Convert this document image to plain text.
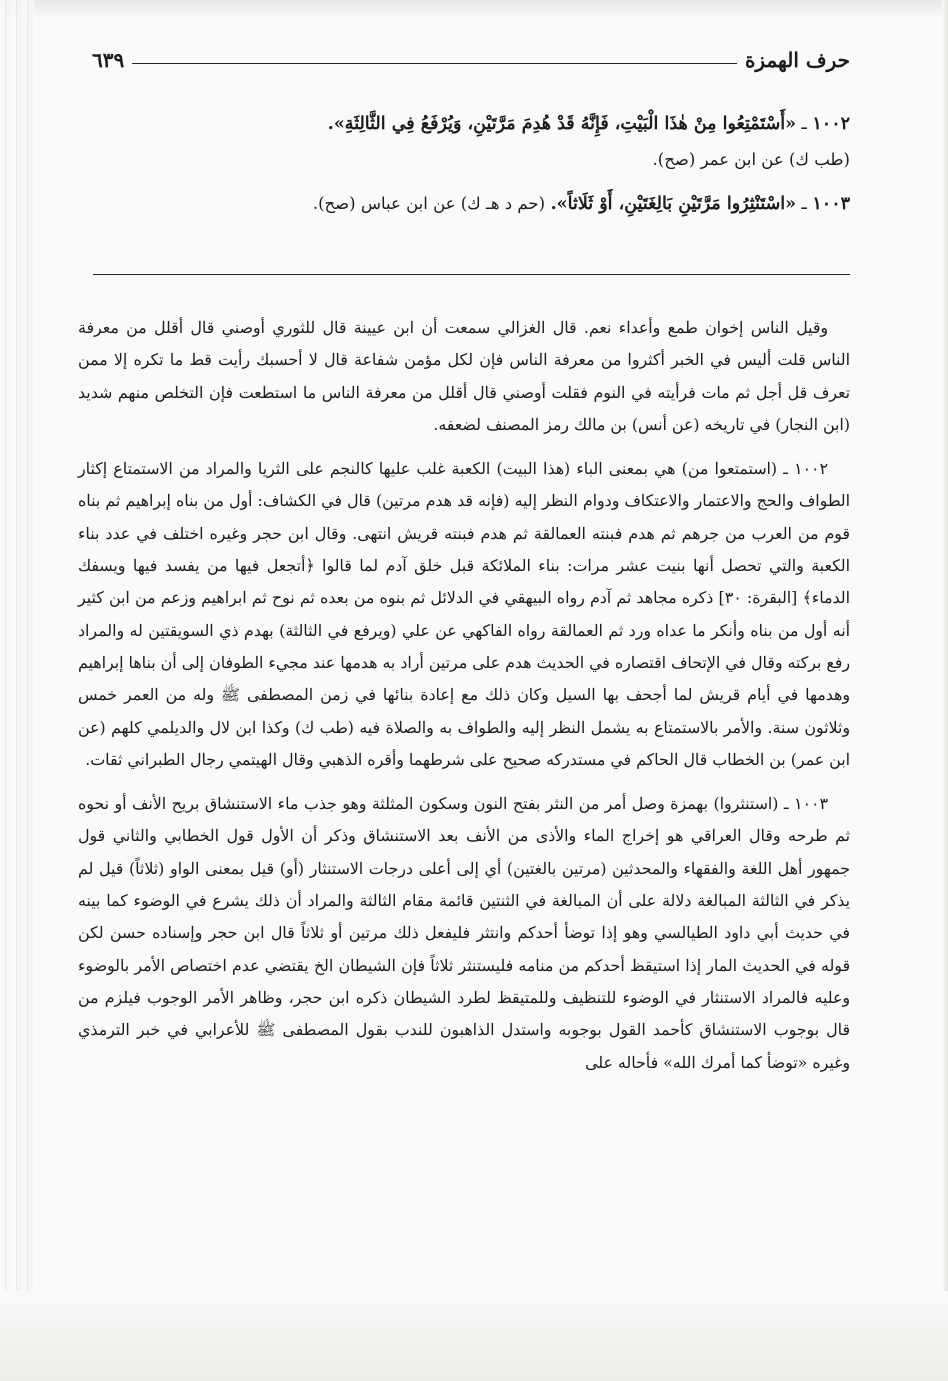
حرف الهمزة
٦٣٩

١٠٠٢ ـ «أَسْتَمْتِعُوا مِنْ هٰذَا الْبَيْتِ، فَإِنَّهُ قَدْ هُدِمَ مَرَّتَيْنِ، وَيُرْفَعُ فِي الثَّالِثَةِ».
(طب ك) عن ابن عمر (صح).

١٠٠٣ ـ «اسْتَنْثِرُوا مَرَّتَيْنِ بَالِغَتَيْنِ، أَوْ ثَلَاثاً». (حم د هـ ك) عن ابن عباس (صح).

وقيل الناس إخوان طمع وأعداء نعم. قال الغزالي سمعت أن ابن عيينة قال للثوري أوصني قال أقلل من معرفة الناس قلت أليس في الخبر أكثروا من معرفة الناس فإن لكل مؤمن شفاعة قال لا أحسبك رأيت قط ما تكره إلا ممن تعرف قل أجل ثم مات فرأيته في النوم فقلت أوصني قال أقلل من معرفة الناس ما استطعت فإن التخلص منهم شديد (ابن النجار) في تاريخه (عن أنس) بن مالك رمز المصنف لضعفه.

١٠٠٢ ـ (استمتعوا من) هي بمعنى الباء (هذا البيت) الكعبة غلب عليها كالنجم على الثريا والمراد من الاستمتاع إكثار الطواف والحج والاعتمار والاعتكاف ودوام النظر إليه (فإنه قد هدم مرتين) قال في الكشاف: أول من بناه إبراهيم ثم بناه قوم من العرب من جرهم ثم هدم فبنته العمالقة ثم هدم فبنته قريش انتهى. وقال ابن حجر وغيره اختلف في عدد بناء الكعبة والتي تحصل أنها بنيت عشر مرات: بناء الملائكة قبل خلق آدم لما قالوا ﴿أتجعل فيها من يفسد فيها ويسفك الدماء﴾ [البقرة: ٣٠] ذكره مجاهد ثم آدم رواه البيهقي في الدلائل ثم بنوه من بعده ثم نوح ثم ابراهيم وزعم من ابن كثير أنه أول من بناه وأنكر ما عداه ورد ثم العمالقة رواه الفاكهي عن علي (ويرفع في الثالثة) بهدم ذي السويقتين له والمراد رفع بركته وقال في الإتحاف اقتصاره في الحديث هدم على مرتين أراد به هدمها عند مجيء الطوفان إلى أن بناها إبراهيم وهدمها في أيام قريش لما أجحف بها السيل وكان ذلك مع إعادة بنائها في زمن المصطفى ﷺ وله من العمر خمس وثلاثون سنة. والأمر بالاستمتاع به يشمل النظر إليه والطواف به والصلاة فيه (طب ك) وكذا ابن لال والديلمي كلهم (عن ابن عمر) بن الخطاب قال الحاكم في مستدركه صحيح على شرطهما وأقره الذهبي وقال الهيتمي رجال الطبراني ثقات.

١٠٠٣ ـ (استنثروا) بهمزة وصل أمر من النثر بفتح النون وسكون المثلثة وهو جذب ماء الاستنشاق بريح الأنف أو نحوه ثم طرحه وقال العراقي هو إخراج الماء والأذى من الأنف بعد الاستنشاق وذكر أن الأول قول الخطابي والثاني قول جمهور أهل اللغة والفقهاء والمحدثين (مرتين بالغتين) أي إلى أعلى درجات الاستنثار (أو) قيل بمعنى الواو (ثلاثاً) قيل لم يذكر في الثالثة المبالغة دلالة على أن المبالغة في الثنتين قائمة مقام الثالثة والمراد أن ذلك يشرع في الوضوء كما بينه في حديث أبي داود الطيالسي وهو إذا توضأ أحدكم وانتثر فليفعل ذلك مرتين أو ثلاثاً قال ابن حجر وإسناده حسن لكن قوله في الحديث المار إذا استيقظ أحدكم من منامه فليستنثر ثلاثاً فإن الشيطان الخ يقتضي عدم اختصاص الأمر بالوضوء وعليه فالمراد الاستنثار في الوضوء للتنظيف وللمتيقظ لطرد الشيطان ذكره ابن حجر، وظاهر الأمر الوجوب فيلزم من قال بوجوب الاستنشاق كأحمد القول بوجوبه واستدل الذاهبون للندب بقول المصطفى ﷺ للأعرابي في خبر الترمذي وغيره «توضأ كما أمرك الله» فأحاله على
